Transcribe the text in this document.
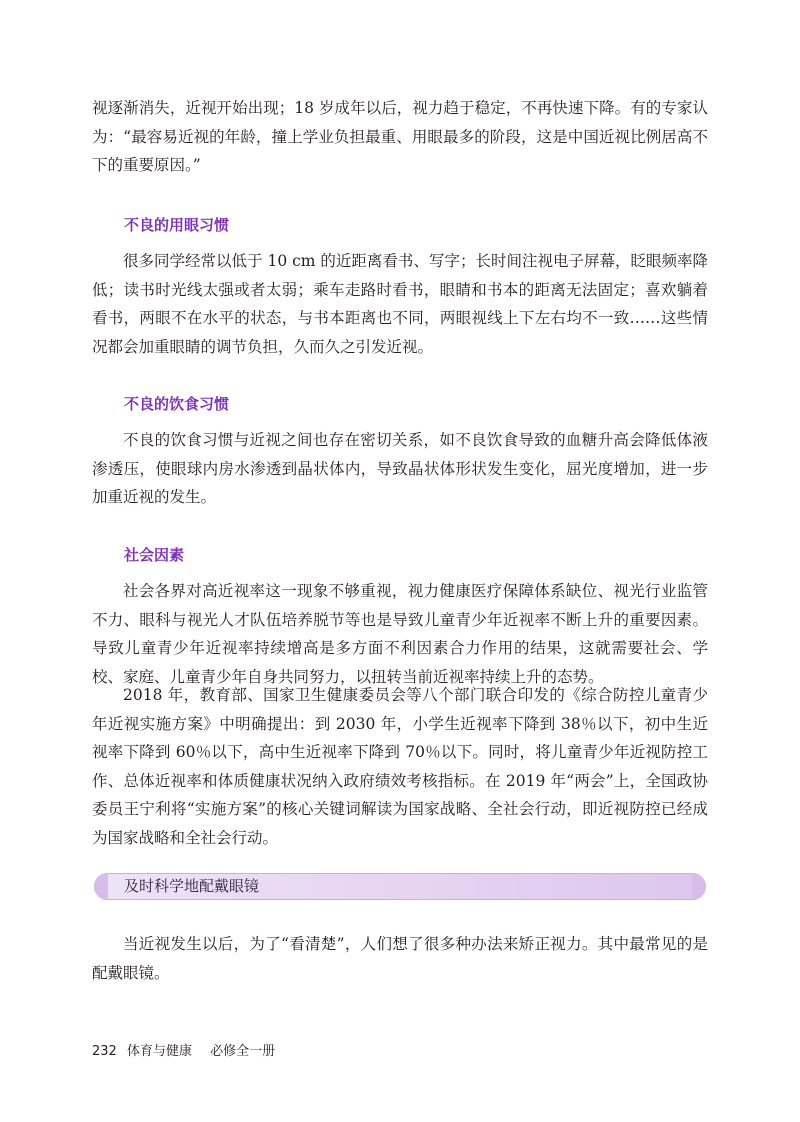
视逐渐消失，近视开始出现；18 岁成年以后，视力趋于稳定，不再快速下降。有的专家认为：“最容易近视的年龄，撞上学业负担最重、用眼最多的阶段，这是中国近视比例居高不下的重要原因。”

不良的用眼习惯

很多同学经常以低于 10 cm 的近距离看书、写字；长时间注视电子屏幕，眨眼频率降低；读书时光线太强或者太弱；乘车走路时看书，眼睛和书本的距离无法固定；喜欢躺着看书，两眼不在水平的状态，与书本距离也不同，两眼视线上下左右均不一致……这些情况都会加重眼睛的调节负担，久而久之引发近视。

不良的饮食习惯

不良的饮食习惯与近视之间也存在密切关系，如不良饮食导致的血糖升高会降低体液渗透压，使眼球内房水渗透到晶状体内，导致晶状体形状发生变化，屈光度增加，进一步加重近视的发生。

社会因素

社会各界对高近视率这一现象不够重视，视力健康医疗保障体系缺位、视光行业监管不力、眼科与视光人才队伍培养脱节等也是导致儿童青少年近视率不断上升的重要因素。导致儿童青少年近视率持续增高是多方面不利因素合力作用的结果，这就需要社会、学校、家庭、儿童青少年自身共同努力，以扭转当前近视率持续上升的态势。

2018 年，教育部、国家卫生健康委员会等八个部门联合印发的《综合防控儿童青少年近视实施方案》中明确提出：到 2030 年，小学生近视率下降到 38％以下，初中生近视率下降到 60％以下，高中生近视率下降到 70％以下。同时，将儿童青少年近视防控工作、总体近视率和体质健康状况纳入政府绩效考核指标。在 2019 年“两会”上，全国政协委员王宁利将“实施方案”的核心关键词解读为国家战略、全社会行动，即近视防控已经成为国家战略和全社会行动。

及时科学地配戴眼镜

当近视发生以后，为了“看清楚”，人们想了很多种办法来矫正视力。其中最常见的是配戴眼镜。

232 体育与健康 必修全一册
